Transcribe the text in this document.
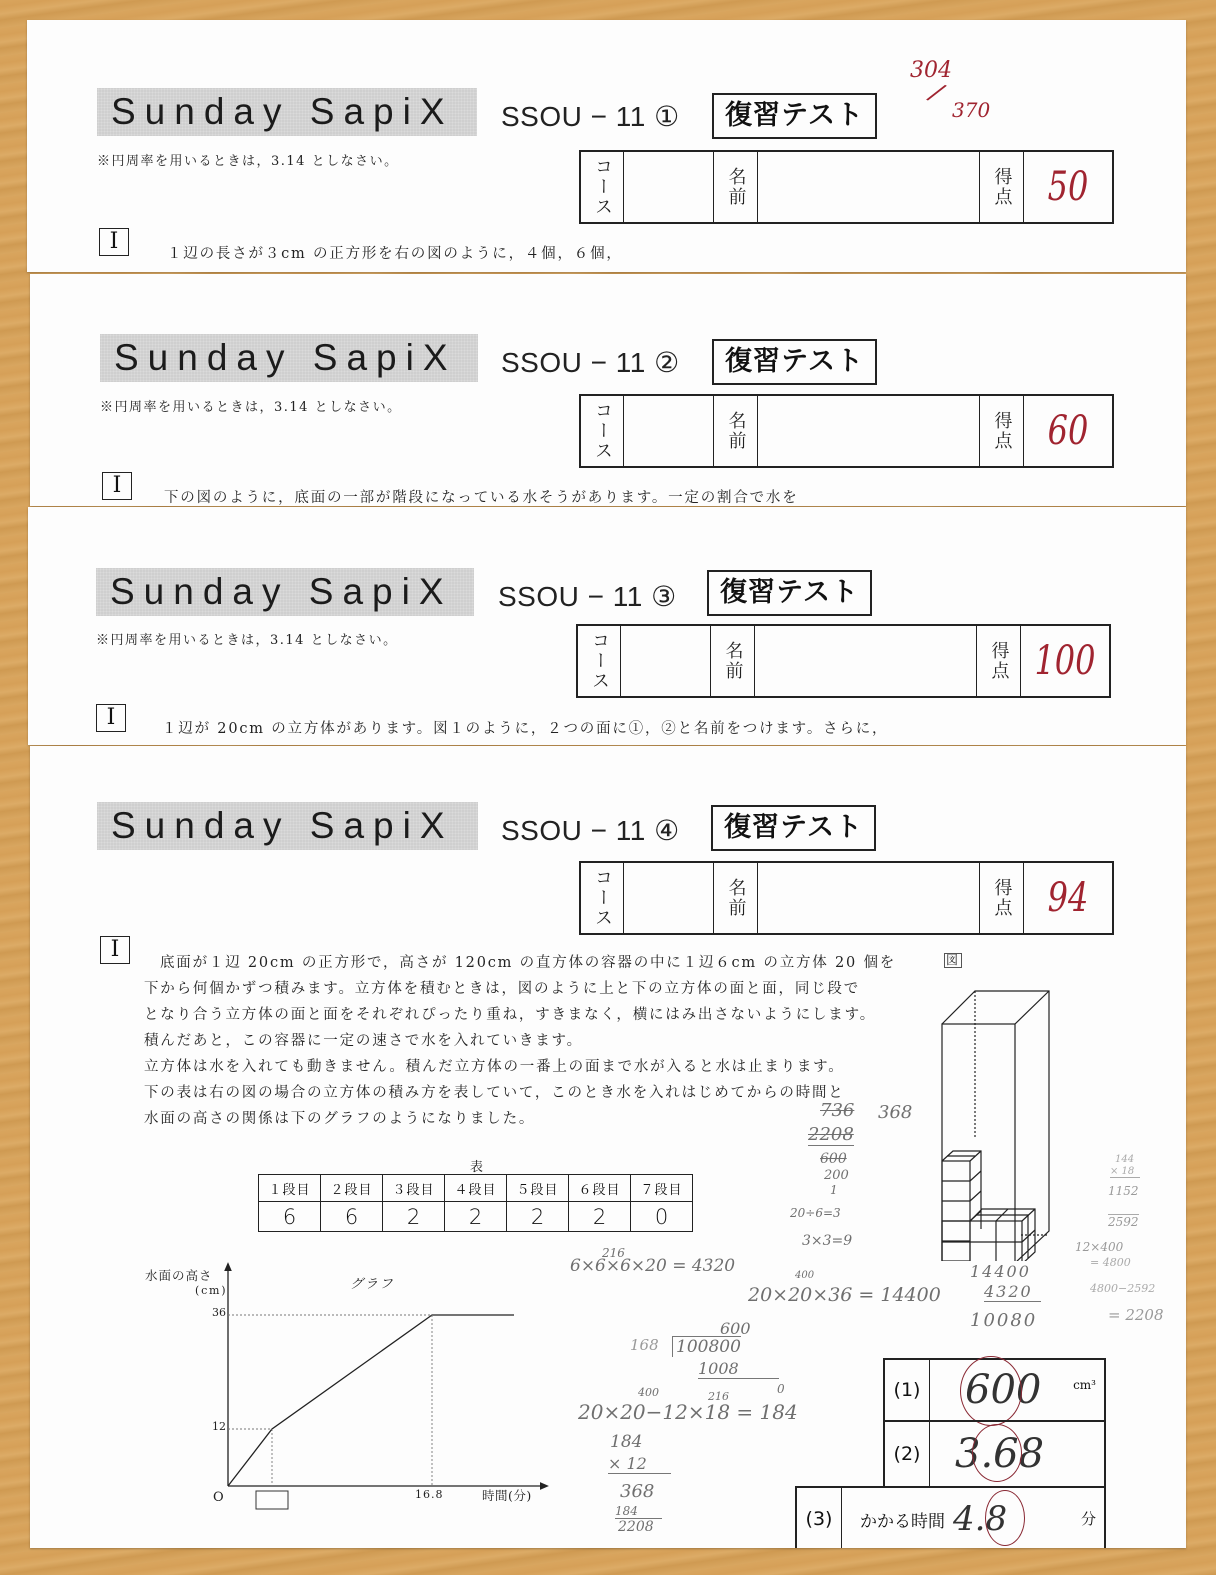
Sunday SapiX	SSOU − 11 ①	復習テスト
304
/
370
※円周率を用いるときは，3.14 としなさい。	コース	名前	得点 50
I	１辺の長さが３cm の正方形を右の図のように，４個，６個，
Sunday SapiX	SSOU − 11 ②	復習テスト
※円周率を用いるときは，3.14 としなさい。	コース	名前	得点 60
I	下の図のように，底面の一部が階段になっている水そうがあります。一定の割合で水を
Sunday SapiX	SSOU − 11 ③	復習テスト
※円周率を用いるときは，3.14 としなさい。	コース	名前	得点 100
I	１辺が 20cm の立方体があります。図１のように，２つの面に①，②と名前をつけます。さらに，
Sunday SapiX	SSOU − 11 ④	復習テスト
コース	名前	得点 94
I
底面が１辺 20cm の正方形で，高さが 120cm の直方体の容器の中に１辺６cm の立方体 20 個を
下から何個かずつ積みます。立方体を積むときは，図のように上と下の立方体の面と面，同じ段で
となり合う立方体の面と面をそれぞれぴったり重ね，すきまなく，横にはみ出さないようにします。
積んだあと，この容器に一定の速さで水を入れていきます。
立方体は水を入れても動きません。積んだ立方体の一番上の面まで水が入ると水は止まります。
下の表は右の図の場合の立方体の積み方を表していて，このとき水を入れはじめてからの時間と
水面の高さの関係は下のグラフのようになりました。
図
表
１段目	２段目	３段目	４段目	５段目	６段目	７段目
6	6	2	2	2	2	0
水面の高さ
(cm)	グラフ
36
12
O	16.8	時間(分)
(1) 600	cm³
(2) 3.68
(3)	かかる時間 4.8	分
736 368
2208
600
200
1
20÷6=3
3×3=9
216
6×6×6×20 = 4320	400
20×20×36 = 14400
14400
4320
10080
144
× 18
1152
2592
12×400
= 4800
4800−2592
= 2208
600
168 100800
1008
0
400	216
20×20−12×18 = 184
184
× 12
368
184
2208
